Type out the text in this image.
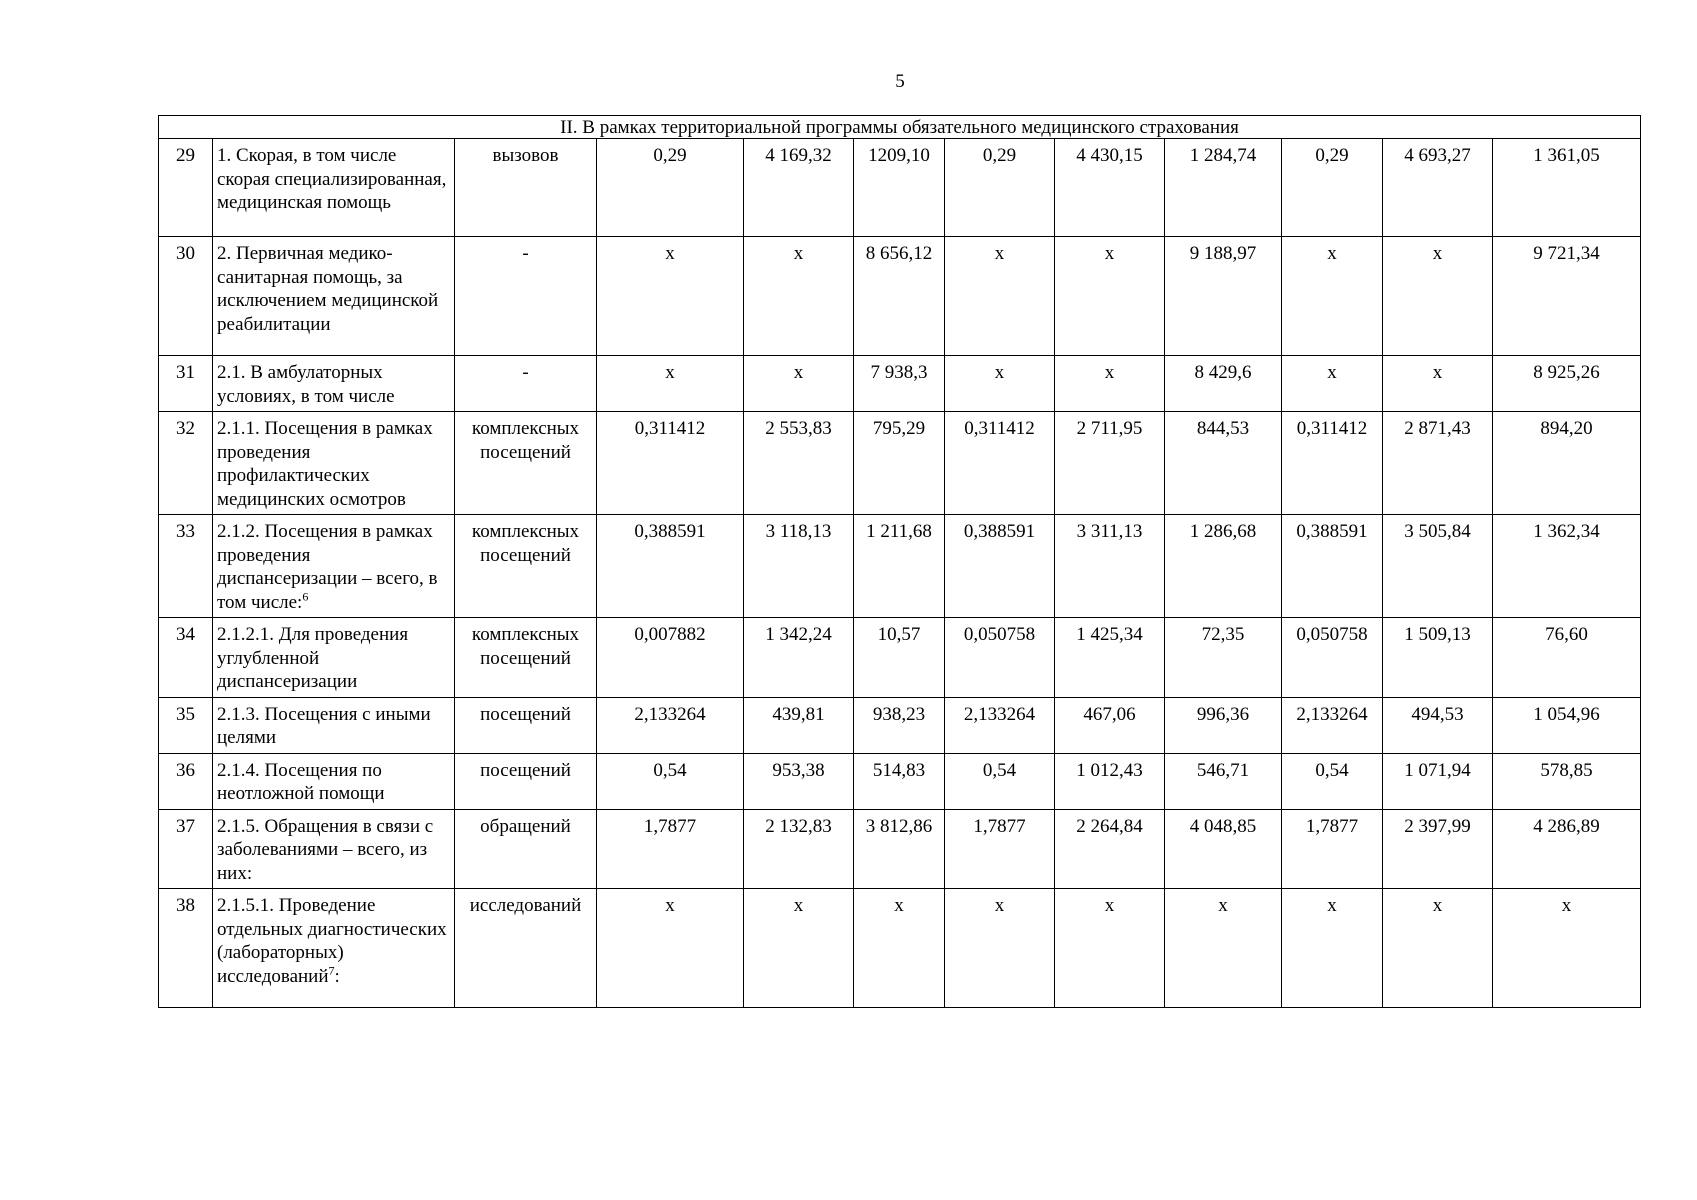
5
II. В рамках территориальной программы обязательного медицинского страхования											
29	1. Скорая, в том числе скорая специализированная, медицинская помощь	вызовов	0,29	4 169,32	1209,10	0,29	4 430,15	1 284,74	0,29	4 693,27	1 361,05
30	2. Первичная медико-санитарная помощь, за исключением медицинской реабилитации	-	х	х	8 656,12	х	х	9 188,97	х	х	9 721,34
31	2.1. В амбулаторных условиях, в том числе	-	х	х	7 938,3	х	х	8 429,6	х	х	8 925,26
32	2.1.1. Посещения в рамках проведения профилактических медицинских осмотров	комплексных посещений	0,311412	2 553,83	795,29	0,311412	2 711,95	844,53	0,311412	2 871,43	894,20
33	2.1.2. Посещения в рамках проведения диспансеризации – всего, в том числе:$^6$	комплексных посещений	0,388591	3 118,13	1 211,68	0,388591	3 311,13	1 286,68	0,388591	3 505,84	1 362,34
34	2.1.2.1. Для проведения углубленной диспансеризации	комплексных посещений	0,007882	1 342,24	10,57	0,050758	1 425,34	72,35	0,050758	1 509,13	76,60
35	2.1.3. Посещения с иными целями	посещений	2,133264	439,81	938,23	2,133264	467,06	996,36	2,133264	494,53	1 054,96
36	2.1.4. Посещения по неотложной помощи	посещений	0,54	953,38	514,83	0,54	1 012,43	546,71	0,54	1 071,94	578,85
37	2.1.5. Обращения в связи с заболеваниями – всего, из них:	обращений	1,7877	2 132,83	3 812,86	1,7877	2 264,84	4 048,85	1,7877	2 397,99	4 286,89
38	2.1.5.1. Проведение отдельных диагностических (лабораторных) исследований$^7$:	исследований	х	х	х	х	х	х	х	х	х
